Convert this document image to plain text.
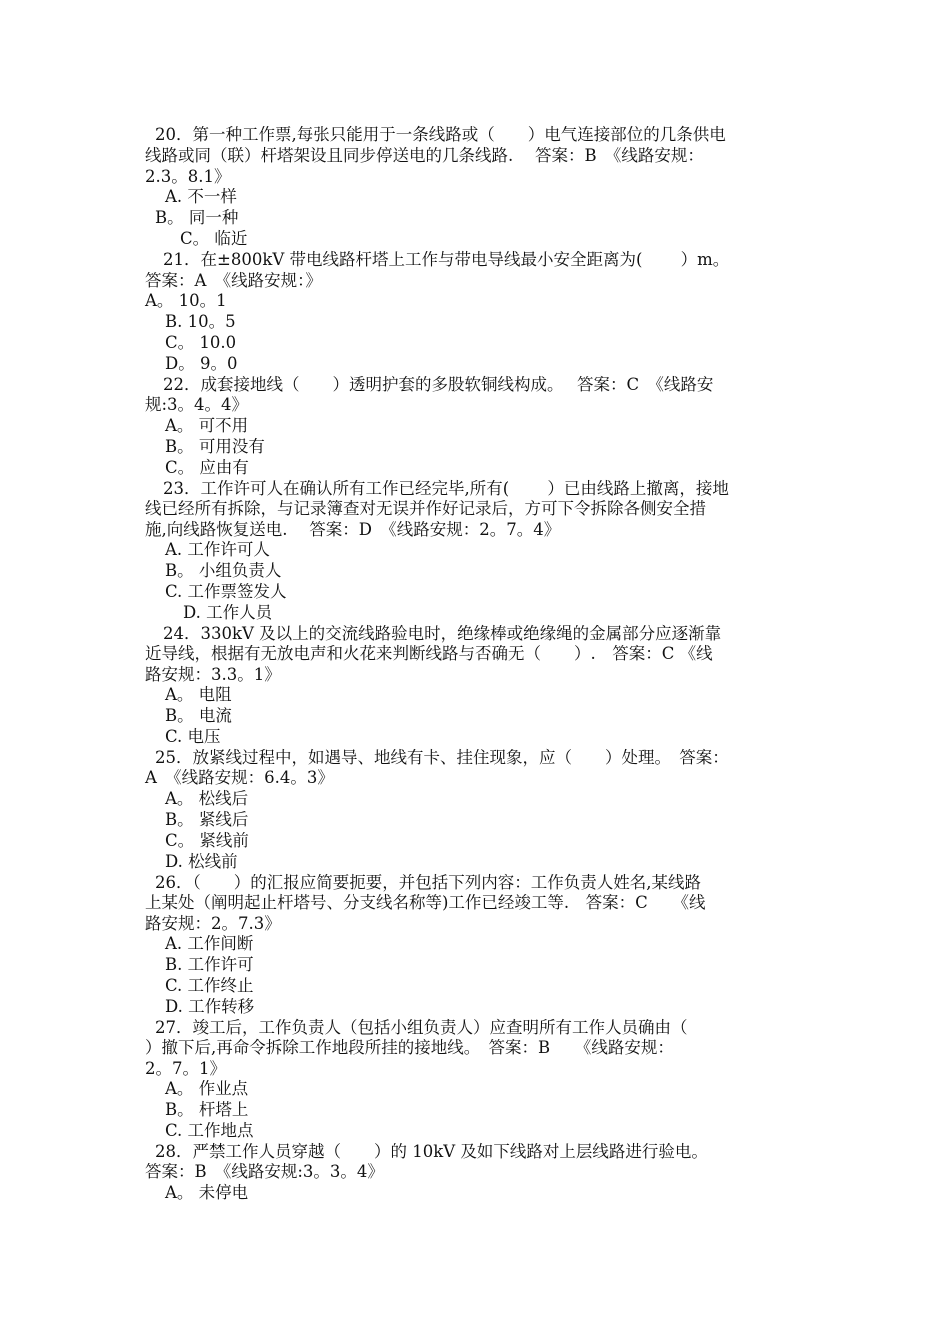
20．第一种工作票,每张只能用于一条线路或（　　）电气连接部位的几条供电
线路或同（联）杆塔架设且同步停送电的几条线路.　 答案：B　《线路安规：
2.3。8.1》
A. 不一样
B。 同一种
C。 临近
21．在±800kV 带电线路杆塔上工作与带电导线最小安全距离为(　　 ）m。
答案：A　《线路安规：》
A。 10。1
B. 10。5
C。 10.0
D。 9。0
22．成套接地线（　　）透明护套的多股软铜线构成。　 答案：C　《线路安
规:3。4。4》
A。 可不用
B。 可用没有
C。 应由有
23．工作许可人在确认所有工作已经完毕,所有(　　 ）已由线路上撤离，接地
线已经所有拆除，与记录簿查对无误并作好记录后，方可下令拆除各侧安全措
施,向线路恢复送电.　 答案：D　《线路安规：2。7。4》
A. 工作许可人
B。 小组负责人
C. 工作票签发人
D. 工作人员
24．330kV 及以上的交流线路验电时，绝缘棒或绝缘绳的金属部分应逐渐靠
近导线，根据有无放电声和火花来判断线路与否确无（　　）.　答案：C 《线
路安规：3.3。1》
A。 电阻
B。 电流
C. 电压
25．放紧线过程中，如遇导、地线有卡、挂住现象，应（　　）处理。　答案：
A　《线路安规：6.4。3》
A。 松线后
B。 紧线后
C。 紧线前
D. 松线前
26．（　　）的汇报应简要扼要，并包括下列内容：工作负责人姓名,某线路
上某处（阐明起止杆塔号、分支线名称等)工作已经竣工等.　答案：C　　《线
路安规：2。7.3》
A. 工作间断
B. 工作许可
C. 工作终止
D. 工作转移
27．竣工后，工作负责人（包括小组负责人）应查明所有工作人员确由（
）撤下后,再命令拆除工作地段所挂的接地线。　答案：B　　《线路安规：
2。7。1》
A。 作业点
B。 杆塔上
C. 工作地点
28．严禁工作人员穿越（　　）的 10kV 及如下线路对上层线路进行验电。
答案：B　《线路安规:3。3。4》
A。 未停电
